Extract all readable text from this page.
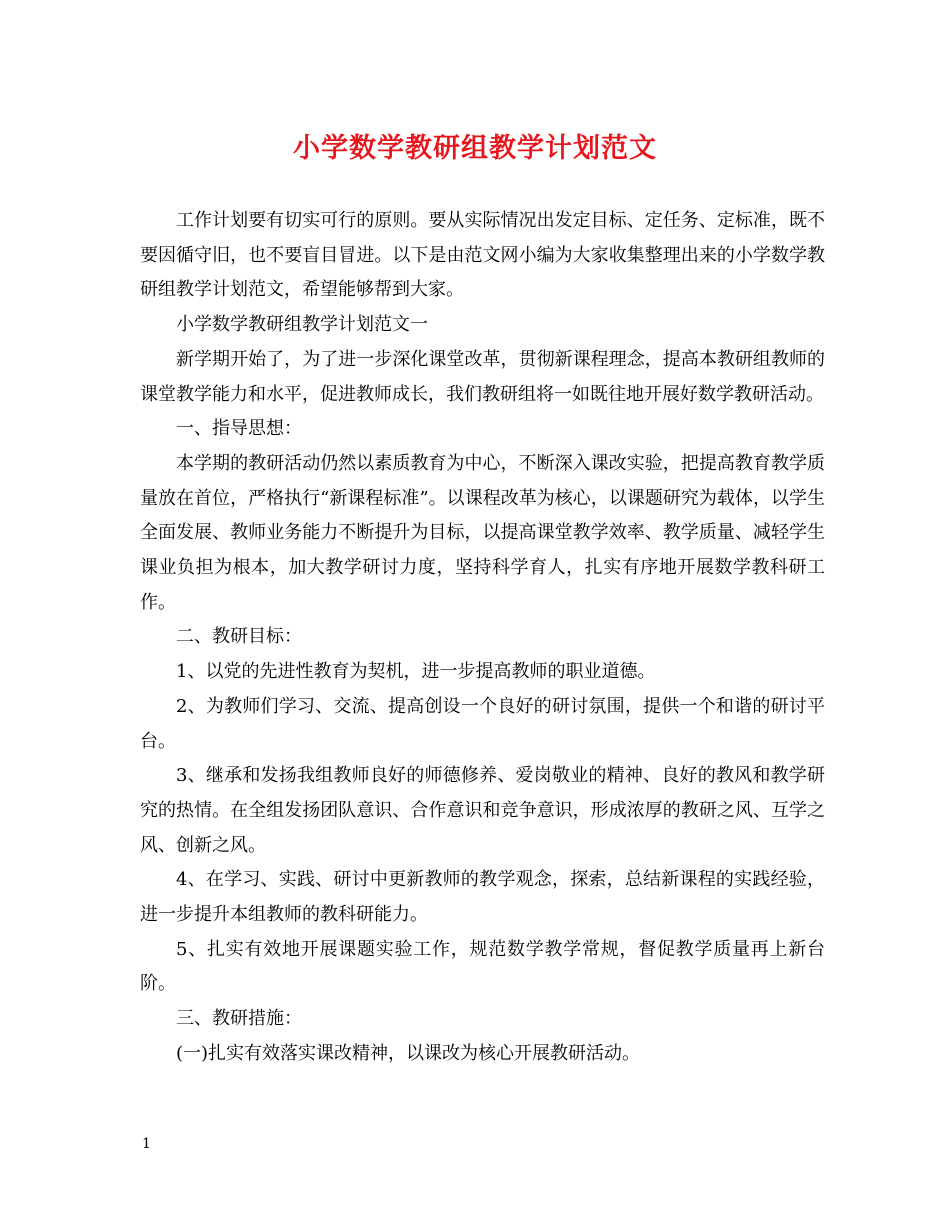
小学数学教研组教学计划范文

工作计划要有切实可行的原则。要从实际情况出发定目标、定任务、定标准，既不要因循守旧，也不要盲目冒进。以下是由范文网小编为大家收集整理出来的小学数学教研组教学计划范文，希望能够帮到大家。

小学数学教研组教学计划范文一

新学期开始了，为了进一步深化课堂改革，贯彻新课程理念，提高本教研组教师的课堂教学能力和水平，促进教师成长，我们教研组将一如既往地开展好数学教研活动。

一、指导思想：

本学期的教研活动仍然以素质教育为中心，不断深入课改实验，把提高教育教学质量放在首位，严格执行“新课程标准”。以课程改革为核心，以课题研究为载体，以学生全面发展、教师业务能力不断提升为目标，以提高课堂教学效率、教学质量、减轻学生课业负担为根本，加大教学研讨力度，坚持科学育人，扎实有序地开展数学教科研工作。

二、教研目标：

1、以党的先进性教育为契机，进一步提高教师的职业道德。

2、为教师们学习、交流、提高创设一个良好的研讨氛围，提供一个和谐的研讨平台。

3、继承和发扬我组教师良好的师德修养、爱岗敬业的精神、良好的教风和教学研究的热情。在全组发扬团队意识、合作意识和竞争意识，形成浓厚的教研之风、互学之风、创新之风。

4、在学习、实践、研讨中更新教师的教学观念，探索，总结新课程的实践经验，进一步提升本组教师的教科研能力。

5、扎实有效地开展课题实验工作，规范数学教学常规，督促教学质量再上新台阶。

三、教研措施：

(一)扎实有效落实课改精神，以课改为核心开展教研活动。

1
